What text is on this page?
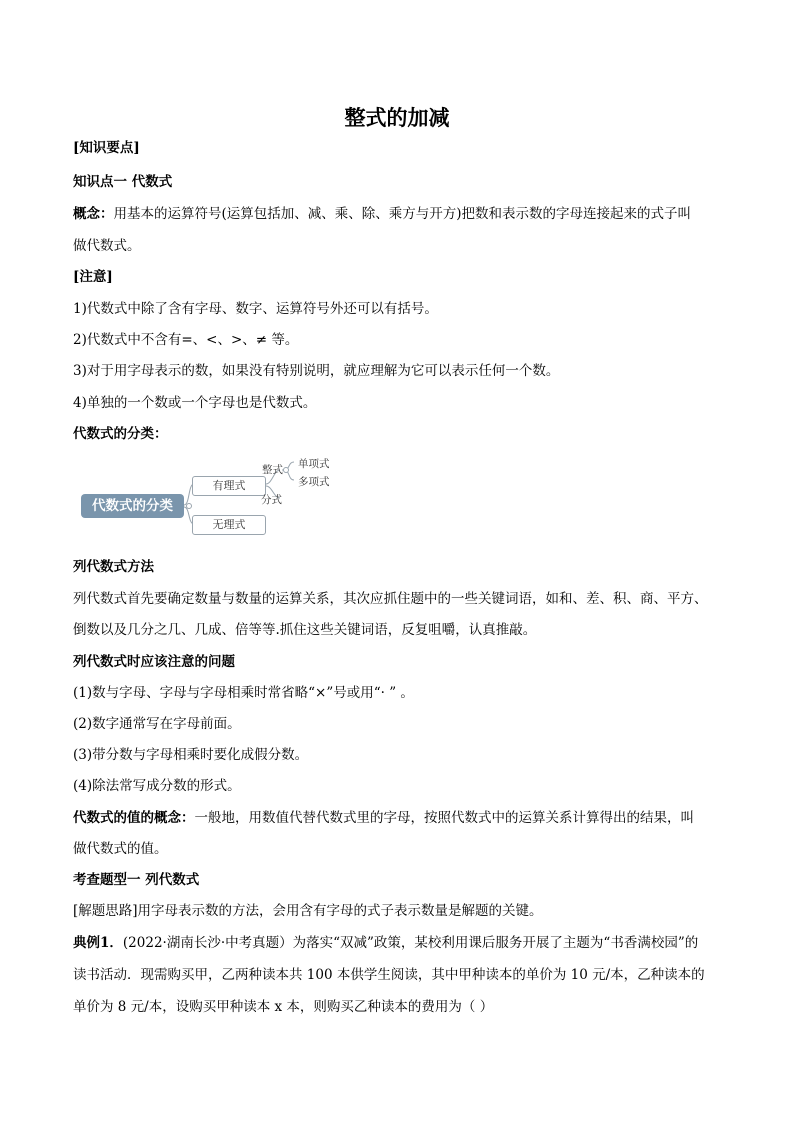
整式的加减
[知识要点]
知识点一 代数式
概念：用基本的运算符号(运算包括加、减、乘、除、乘方与开方)把数和表示数的字母连接起来的式子叫
做代数式。
[注意]
1)代数式中除了含有字母、数字、运算符号外还可以有括号。
2)代数式中不含有=、<、>、≠ 等。
3)对于用字母表示的数，如果没有特别说明，就应理解为它可以表示任何一个数。
4)单独的一个数或一个字母也是代数式。
代数式的分类：
代数式的分类
有理式
无理式
整式
分式
单项式
多项式
列代数式方法
列代数式首先要确定数量与数量的运算关系，其次应抓住题中的一些关键词语，如和、差、积、商、平方、
倒数以及几分之几、几成、倍等等.抓住这些关键词语，反复咀嚼，认真推敲。
列代数式时应该注意的问题
(1)数与字母、字母与字母相乘时常省略“×”号或用“· ” 。
(2)数字通常写在字母前面。
(3)带分数与字母相乘时要化成假分数。
(4)除法常写成分数的形式。
代数式的值的概念：一般地，用数值代替代数式里的字母，按照代数式中的运算关系计算得出的结果，叫
做代数式的值。
考查题型一 列代数式
[解题思路]用字母表示数的方法，会用含有字母的式子表示数量是解题的关键。
典例1．(2022·湖南长沙·中考真题）为落实“双减”政策，某校利用课后服务开展了主题为“书香满校园”的
读书活动．现需购买甲，乙两种读本共 100 本供学生阅读，其中甲种读本的单价为 10 元/本，乙种读本的
单价为 8 元/本，设购买甲种读本 x 本，则购买乙种读本的费用为（ ）
